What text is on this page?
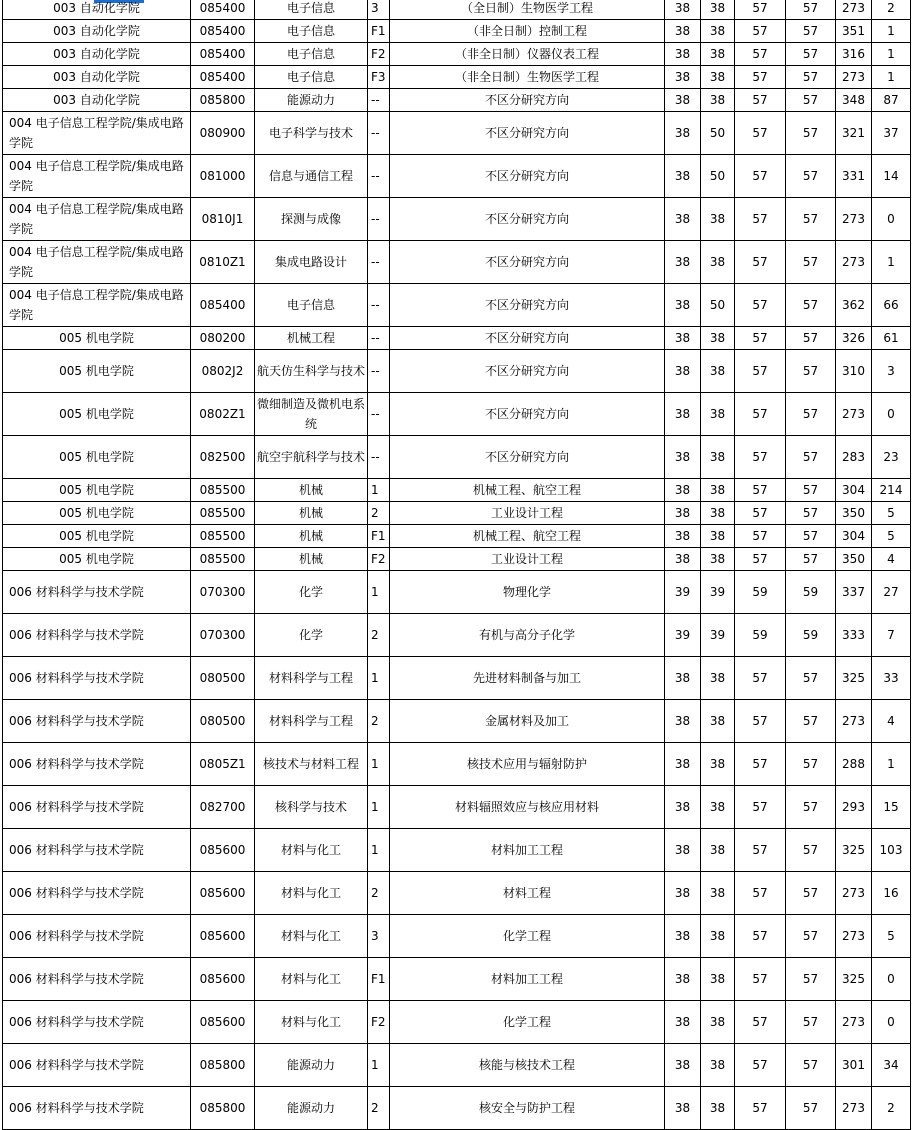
003 自动化学院	085400	电子信息	3	（全日制）生物医学工程	38	38	57	57	273	2
003 自动化学院	085400	电子信息	F1	（非全日制）控制工程	38	38	57	57	351	1
003 自动化学院	085400	电子信息	F2	（非全日制）仪器仪表工程	38	38	57	57	316	1
003 自动化学院	085400	电子信息	F3	（非全日制）生物医学工程	38	38	57	57	273	1
003 自动化学院	085800	能源动力	--	不区分研究方向	38	38	57	57	348	87
004 电子信息工程学院/集成电路学院	080900	电子科学与技术	--	不区分研究方向	38	50	57	57	321	37
004 电子信息工程学院/集成电路学院	081000	信息与通信工程	--	不区分研究方向	38	50	57	57	331	14
004 电子信息工程学院/集成电路学院	0810J1	探测与成像	--	不区分研究方向	38	38	57	57	273	0
004 电子信息工程学院/集成电路学院	0810Z1	集成电路设计	--	不区分研究方向	38	38	57	57	273	1
004 电子信息工程学院/集成电路学院	085400	电子信息	--	不区分研究方向	38	50	57	57	362	66
005 机电学院	080200	机械工程	--	不区分研究方向	38	38	57	57	326	61
005 机电学院	0802J2	航天仿生科学与技术	--	不区分研究方向	38	38	57	57	310	3
005 机电学院	0802Z1	微细制造及微机电系统	--	不区分研究方向	38	38	57	57	273	0
005 机电学院	082500	航空宇航科学与技术	--	不区分研究方向	38	38	57	57	283	23
005 机电学院	085500	机械	1	机械工程、航空工程	38	38	57	57	304	214
005 机电学院	085500	机械	2	工业设计工程	38	38	57	57	350	5
005 机电学院	085500	机械	F1	机械工程、航空工程	38	38	57	57	304	5
005 机电学院	085500	机械	F2	工业设计工程	38	38	57	57	350	4
006 材料科学与技术学院	070300	化学	1	物理化学	39	39	59	59	337	27
006 材料科学与技术学院	070300	化学	2	有机与高分子化学	39	39	59	59	333	7
006 材料科学与技术学院	080500	材料科学与工程	1	先进材料制备与加工	38	38	57	57	325	33
006 材料科学与技术学院	080500	材料科学与工程	2	金属材料及加工	38	38	57	57	273	4
006 材料科学与技术学院	0805Z1	核技术与材料工程	1	核技术应用与辐射防护	38	38	57	57	288	1
006 材料科学与技术学院	082700	核科学与技术	1	材料辐照效应与核应用材料	38	38	57	57	293	15
006 材料科学与技术学院	085600	材料与化工	1	材料加工工程	38	38	57	57	325	103
006 材料科学与技术学院	085600	材料与化工	2	材料工程	38	38	57	57	273	16
006 材料科学与技术学院	085600	材料与化工	3	化学工程	38	38	57	57	273	5
006 材料科学与技术学院	085600	材料与化工	F1	材料加工工程	38	38	57	57	325	0
006 材料科学与技术学院	085600	材料与化工	F2	化学工程	38	38	57	57	273	0
006 材料科学与技术学院	085800	能源动力	1	核能与核技术工程	38	38	57	57	301	34
006 材料科学与技术学院	085800	能源动力	2	核安全与防护工程	38	38	57	57	273	2
